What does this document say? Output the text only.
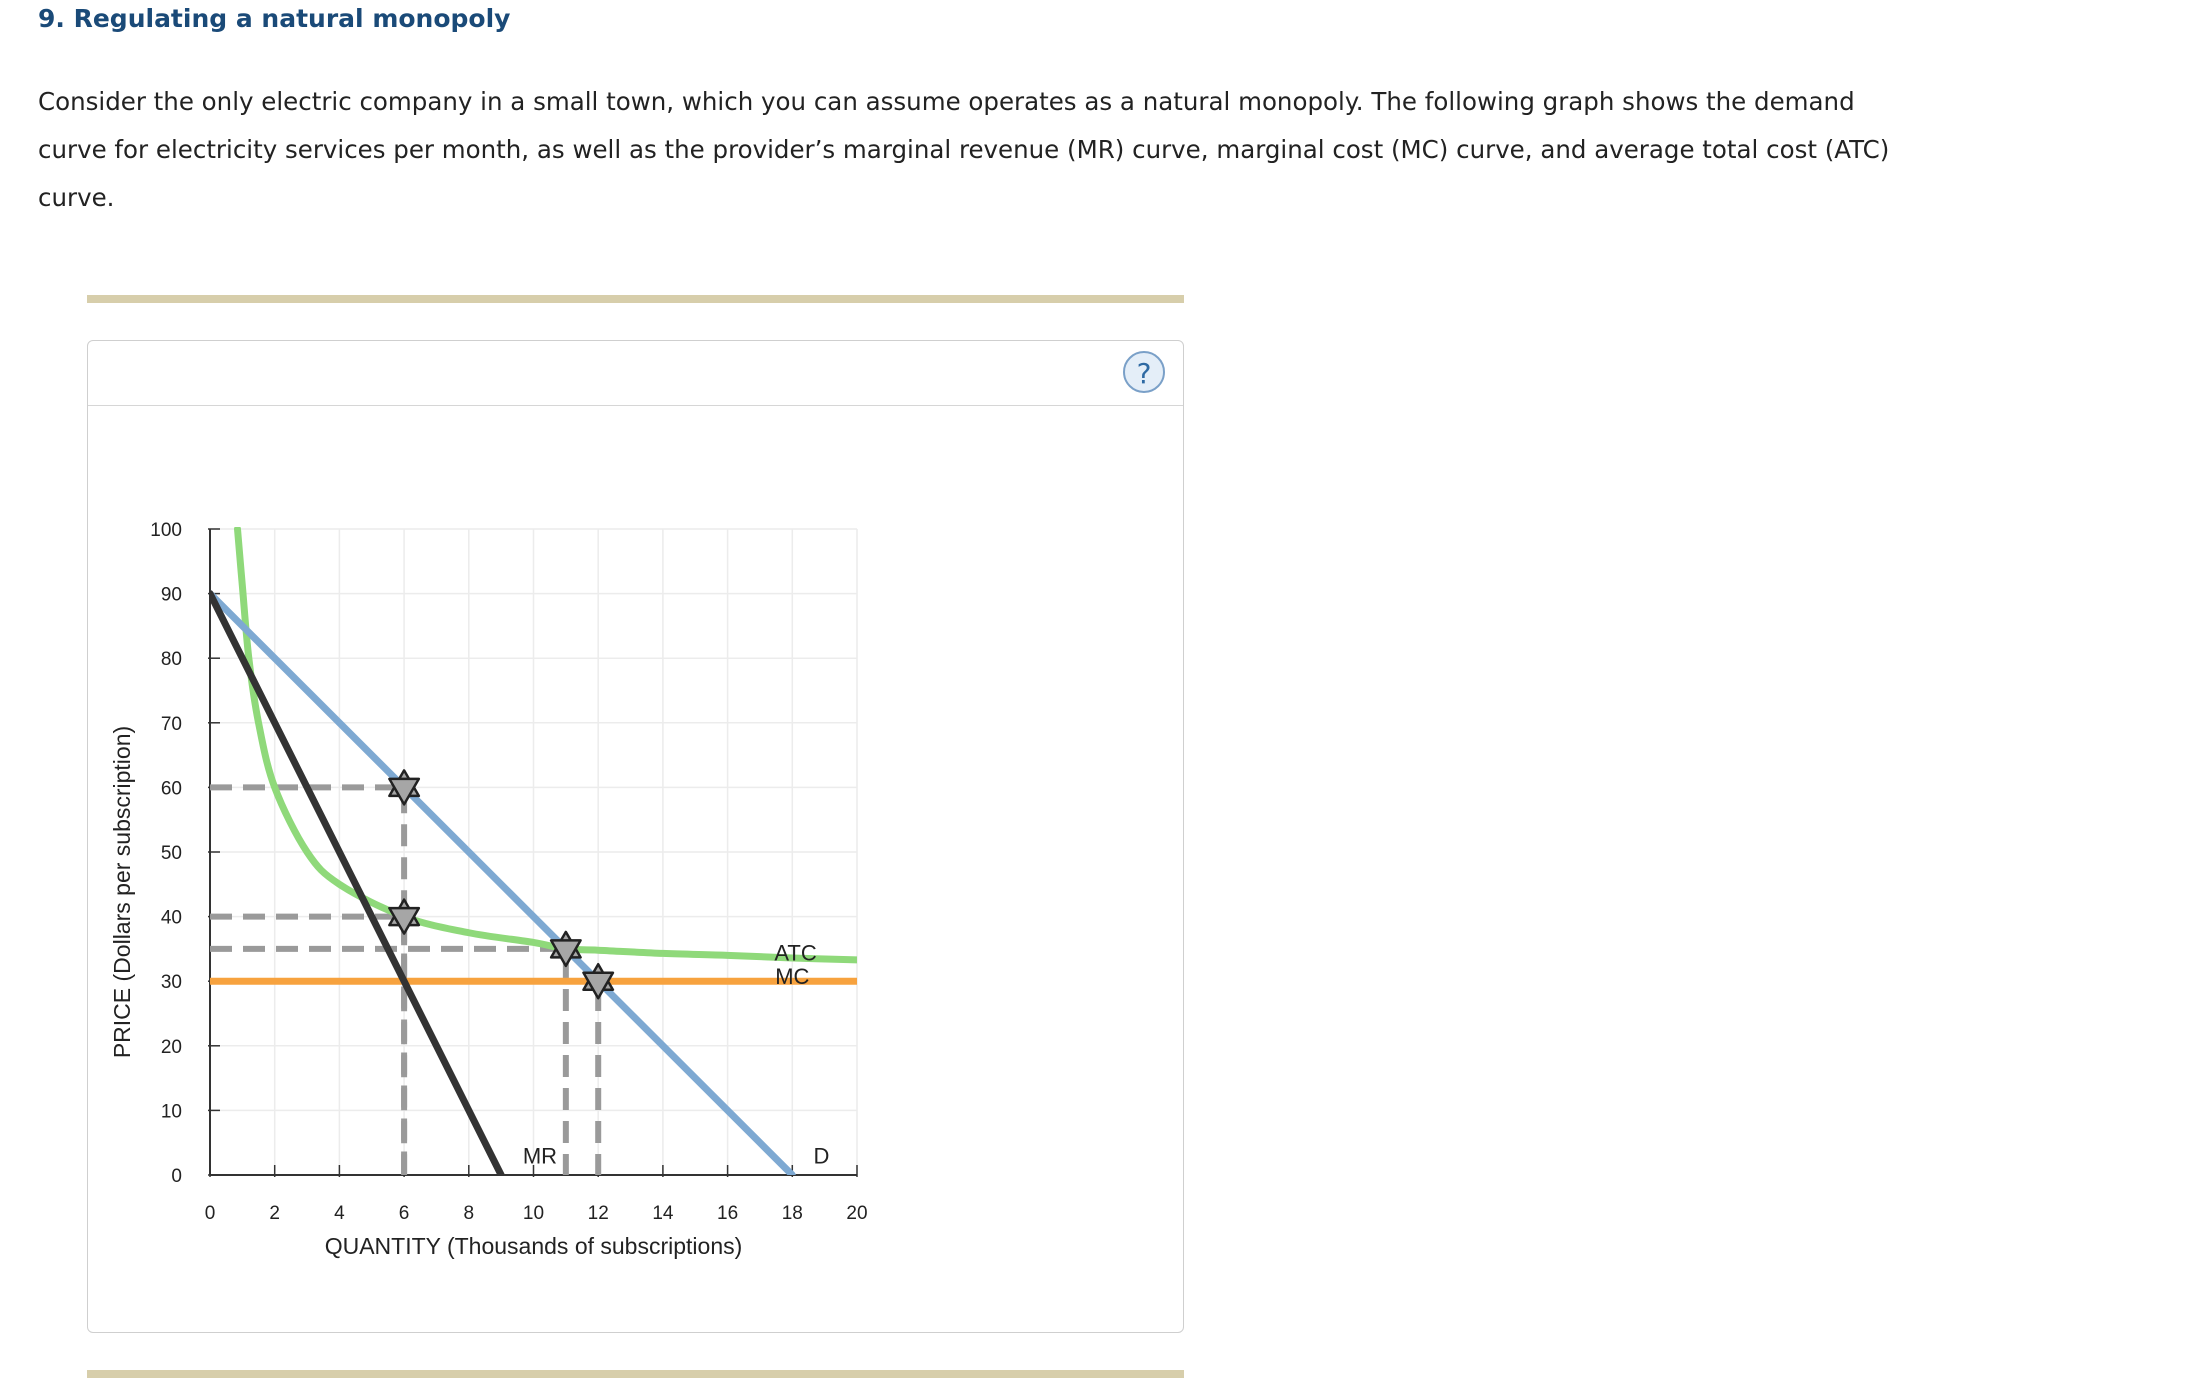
9. Regulating a natural monopoly

Consider the only electric company in a small town, which you can assume operates as a natural monopoly. The following graph shows the demand curve for electricity services per month, as well as the provider’s marginal revenue (MR) curve, marginal cost (MC) curve, and average total cost (ATC) curve.

?
0	2	4	6	8	10 12 14 16 18 20
0
10
20
30
40
50
60
70
80
90
100
QUANTITY (Thousands of subscriptions)
PRICE (Dollars per subscription)	ATC
MC
MR	D
